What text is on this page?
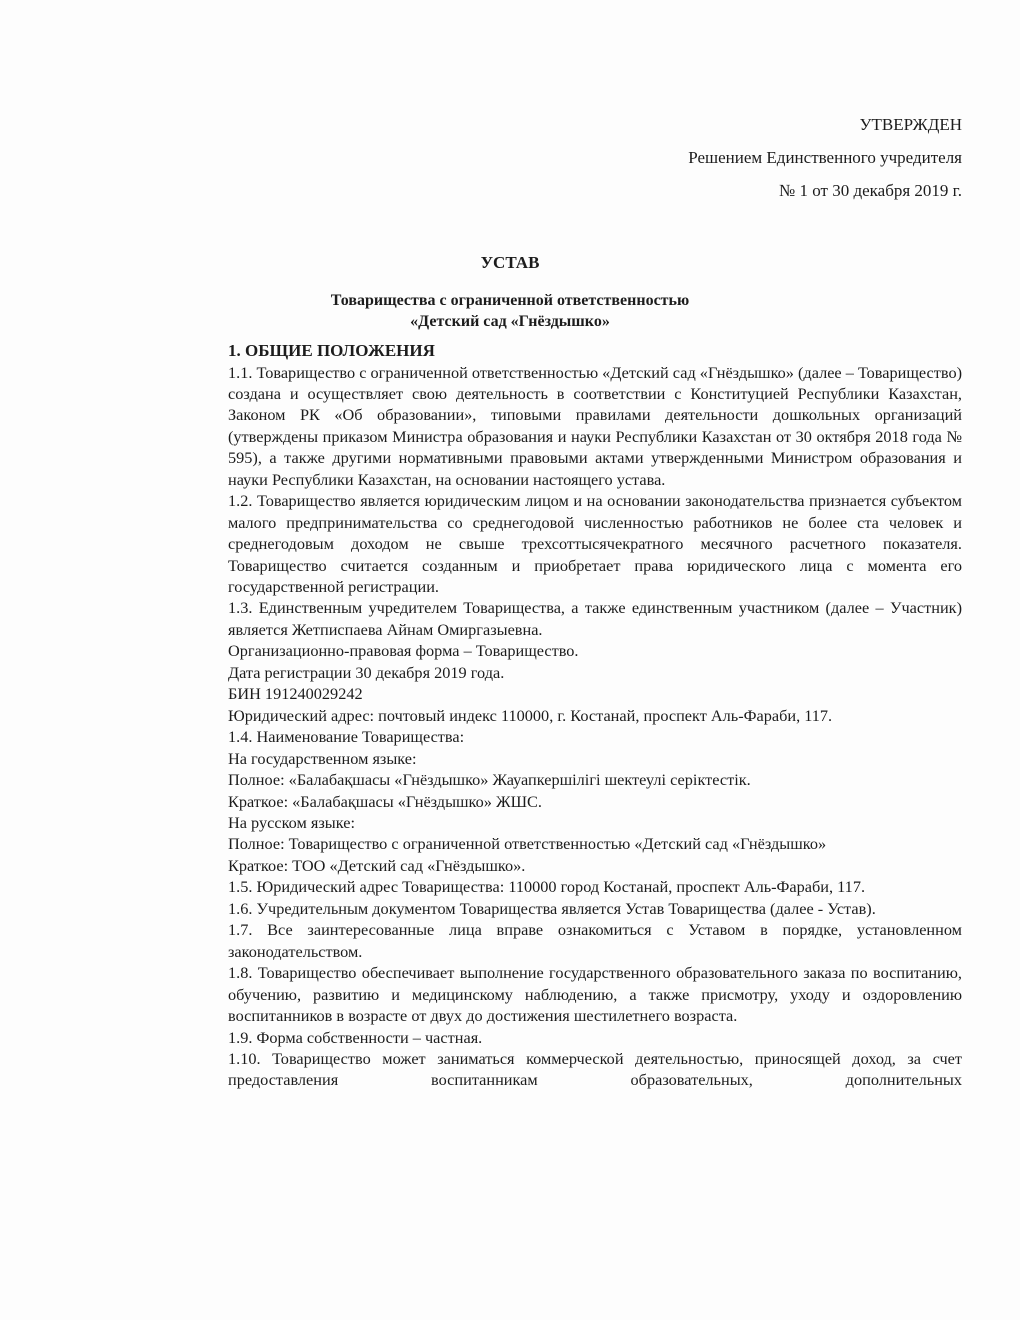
УТВЕРЖДЕН
Решением Единственного учредителя
№ 1 от 30 декабря 2019 г.
УСТАВ
Товарищества с ограниченной ответственностью
«Детский сад «Гнёздышко»
1. ОБЩИЕ ПОЛОЖЕНИЯ

1.1. Товарищество с ограниченной ответственностью «Детский сад «Гнёздышко» (далее – Товарищество) создана и осуществляет свою деятельность в соответствии с Конституцией Республики Казахстан, Законом РК «Об образовании», типовыми правилами деятельности дошкольных организаций (утверждены приказом Министра образования и науки Республики Казахстан от 30 октября 2018 года № 595), а также другими нормативными правовыми актами утвержденными Министром образования и науки Республики Казахстан, на основании настоящего устава.

1.2. Товарищество является юридическим лицом и на основании законодательства признается субъектом малого предпринимательства со среднегодовой численностью работников не более ста человек и среднегодовым доходом не свыше трехсоттысячекратного месячного расчетного показателя. Товарищество считается созданным и приобретает права юридического лица с момента его государственной регистрации.

1.3. Единственным учредителем Товарищества, а также единственным участником (далее – Участник) является Жетписпаева Айнам Омиргазыевна.

Организационно-правовая форма – Товарищество.

Дата регистрации 30 декабря 2019 года.

БИН 191240029242

Юридический адрес: почтовый индекс 110000, г. Костанай, проспект Аль-Фараби, 117.

1.4. Наименование Товарищества:

На государственном языке:

Полное: «Балабақшасы «Гнёздышко» Жауапкершілігі шектеулі серіктестік.

Краткое: «Балабақшасы «Гнёздышко» ЖШС.

На русском языке:

Полное: Товарищество с ограниченной ответственностью «Детский сад «Гнёздышко»

Краткое: ТОО «Детский сад «Гнёздышко».

1.5. Юридический адрес Товарищества: 110000 город Костанай, проспект Аль-Фараби, 117.

1.6. Учредительным документом Товарищества является Устав Товарищества (далее - Устав).

1.7. Все заинтересованные лица вправе ознакомиться с Уставом в порядке, установленном законодательством.

1.8. Товарищество обеспечивает выполнение государственного образовательного заказа по воспитанию, обучению, развитию и медицинскому наблюдению, а также присмотру, уходу и оздоровлению воспитанников в возрасте от двух до достижения шестилетнего возраста.

1.9. Форма собственности – частная.

1.10. Товарищество может заниматься коммерческой деятельностью, приносящей доход, за счет предоставления воспитанникам образовательных, дополнительных
